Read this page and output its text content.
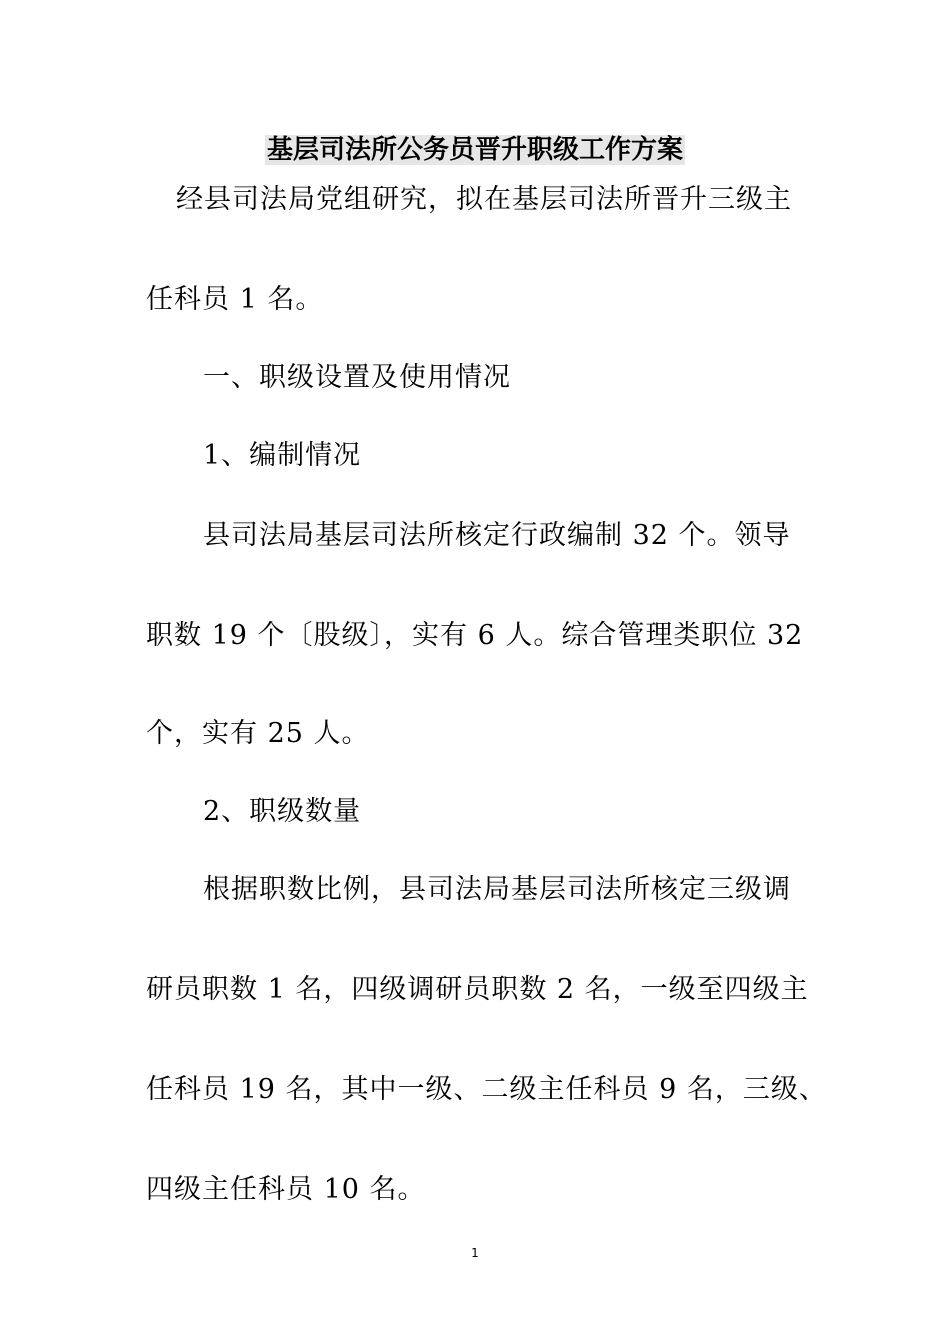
基层司法所公务员晋升职级工作方案
经县司法局党组研究，拟在基层司法所晋升三级主
任科员 1 名。
一、职级设置及使用情况
1、编制情况
县司法局基层司法所核定行政编制 32 个。领导
职数 19 个〔股级〕，实有 6 人。综合管理类职位 32
个，实有 25 人。
2、职级数量
根据职数比例，县司法局基层司法所核定三级调
研员职数 1 名，四级调研员职数 2 名，一级至四级主
任科员 19 名，其中一级、二级主任科员 9 名，三级、
四级主任科员 10 名。
1
